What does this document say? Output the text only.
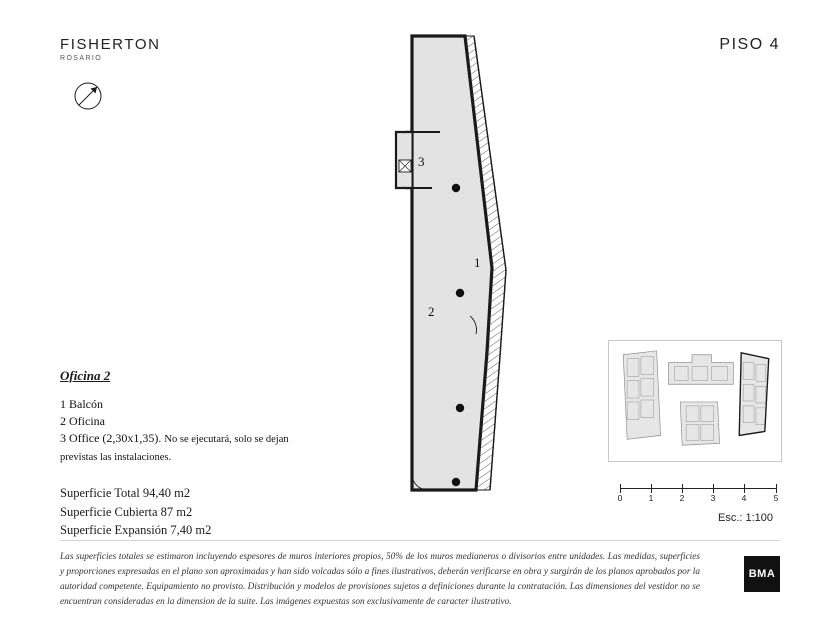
FISHERTON
ROSARIO
PISO 4
3
1
2
Oficina 2
1 Balcón
2 Oficina
3 Office (2,30x1,35). No se ejecutará, solo se dejan previstas las instalaciones.
Superficie Total 94,40 m2
Superficie Cubierta 87 m2
Superficie Expansión 7,40 m2
0	1	2	3	4	5
Esc.: 1:100
Las superficies totales se estimaron incluyendo espesores de muros interiores propios, 50% de los muros medianeros o divisorios entre unidades. Las medidas, superficies y proporciones expresadas en el plano son aproximadas y han sido volcadas sólo a fines ilustrativos, deberán verificarse en obra y surgirán de los planos aprobados por la autoridad competente. Equipamiento no provisto. Distribución y modelos de provisiones sujetos a definiciones durante la contratación. Las dimensiones del vestidor no se encuentran consideradas en la dimension de la suite. Las imágenes expuestas son exclusivamente de caracter ilustrativo.
BMA
